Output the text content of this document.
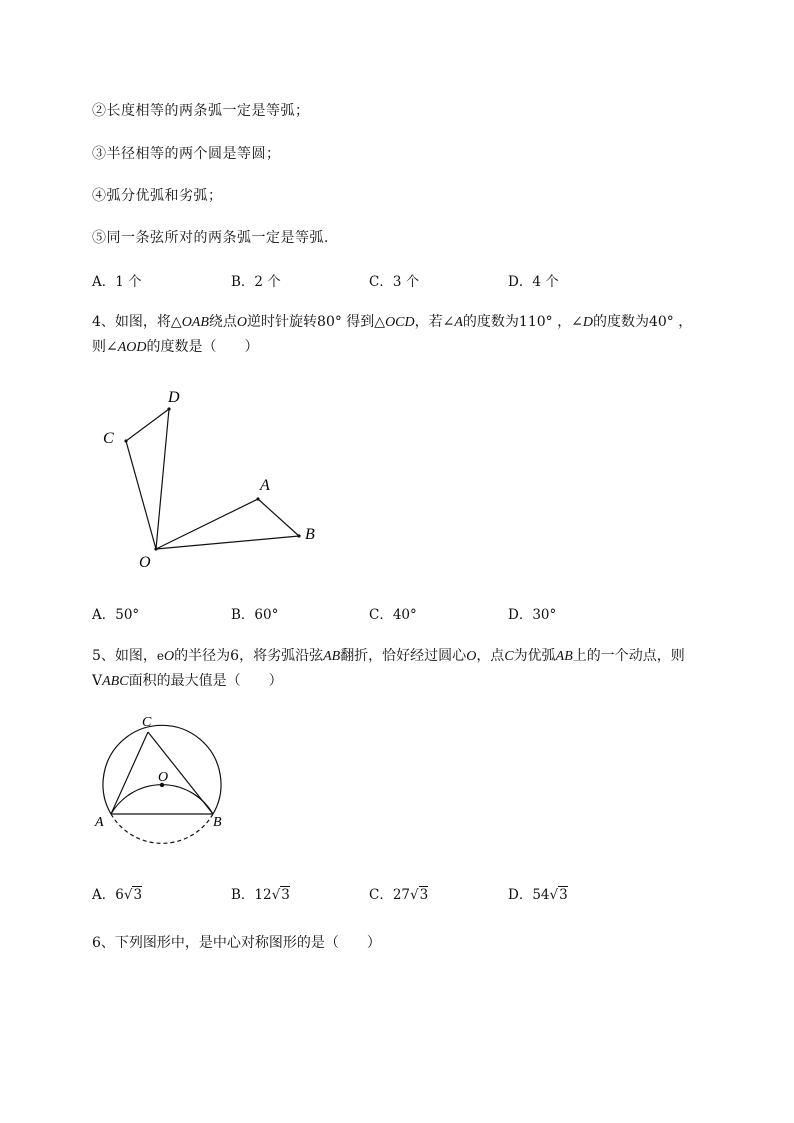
②长度相等的两条弧一定是等弧；
③半径相等的两个圆是等圆；
④弧分优弧和劣弧；
⑤同一条弦所对的两条弧一定是等弧．
A．1 个	B．2 个	C．3 个	D．4 个
4、如图，将△OAB绕点O逆时针旋转80° 得到△OCD，若∠A的度数为110° ，∠D的度数为40° ，
则∠AOD的度数是（　　）
D
C
A
B
O
A．50°	B．60°	C．40°	D．30°
5、如图，eO的半径为6，将劣弧沿弦AB翻折，恰好经过圆心O，点C为优弧AB上的一个动点，则
VABC面积的最大值是（　　）
C
O
A	B
A．6√3	B．12√3	C．27√3	D．54√3
6、下列图形中，是中心对称图形的是（　　）
